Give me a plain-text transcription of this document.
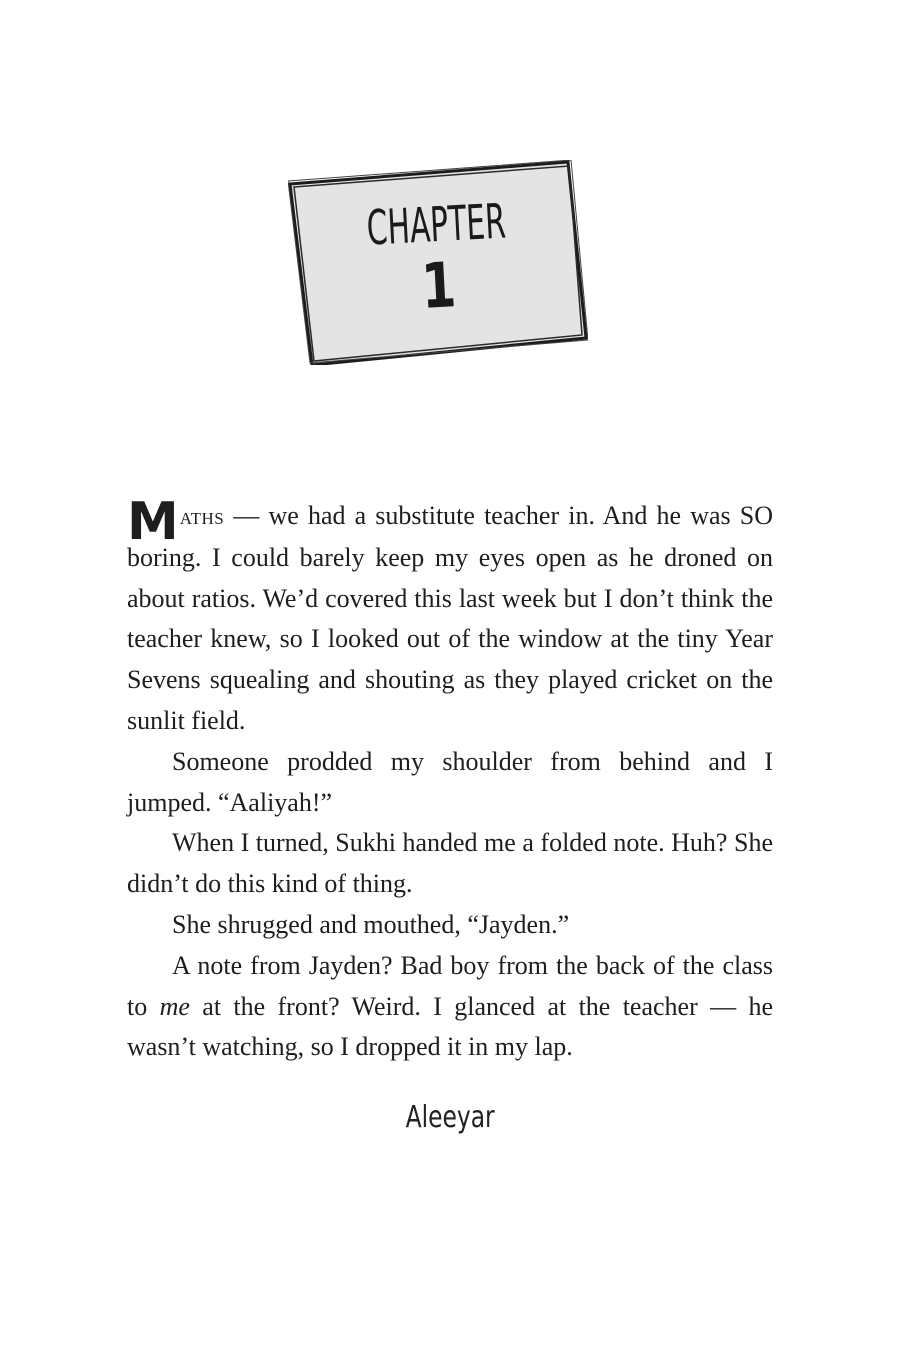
CHAPTER
1

Maths — we had a substitute teacher in. And he was SO boring. I could barely keep my eyes open as he droned on about ratios. We’d covered this last week but I don’t think the teacher knew, so I looked out of the window at the tiny Year Sevens squealing and shouting as they played cricket on the sunlit field.

Someone prodded my shoulder from behind and I jumped. “Aaliyah!”

When I turned, Sukhi handed me a folded note. Huh? She didn’t do this kind of thing.

She shrugged and mouthed, “Jayden.”

A note from Jayden? Bad boy from the back of the class to me at the front? Weird. I glanced at the teacher — he wasn’t watching, so I dropped it in my lap.

Aleeyar
